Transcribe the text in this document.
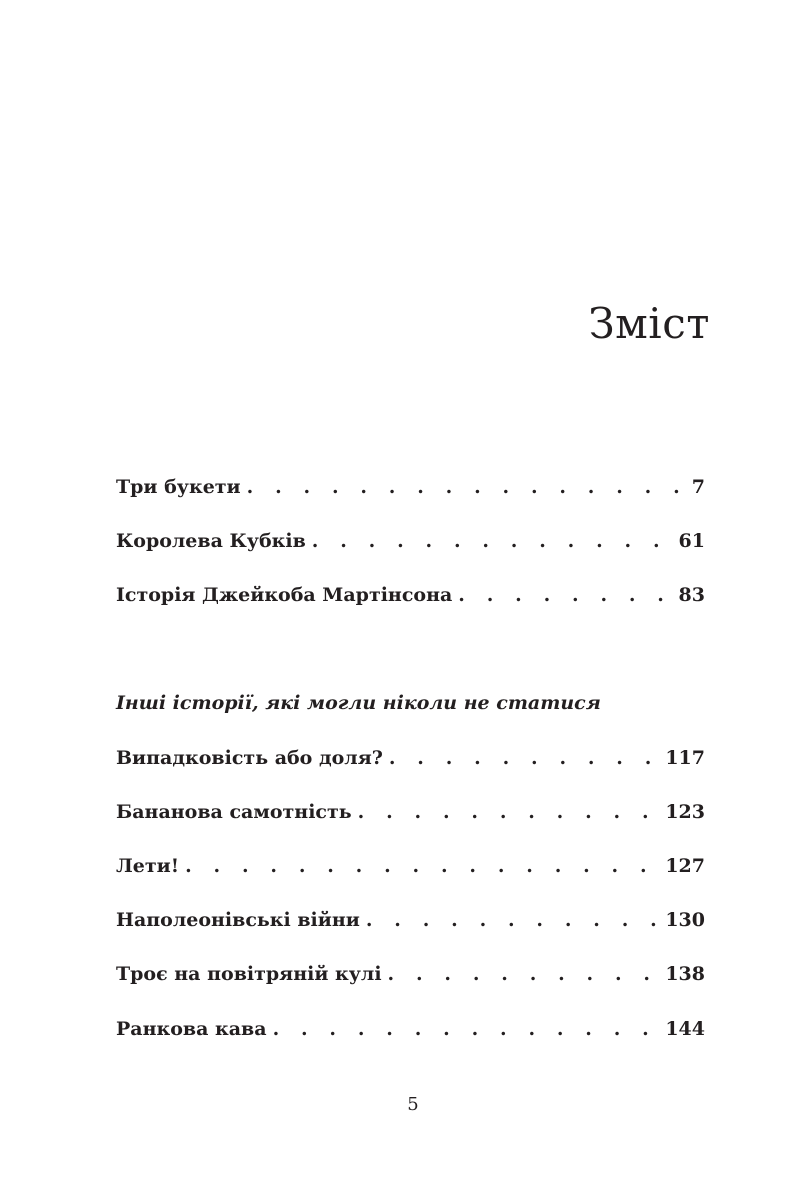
Зміст
Три букети . . .	7
Королева Кубків . . .	61
Історія Джейкоба Мартінсона . . .	83
Інші історії, які могли ніколи не статися
Випадковість або доля? . . .	117
Бананова самотність . . .	123
Лети! . . .	127
Наполеонівські війни . . .	130
Троє на повітряній кулі . . .	138
Ранкова кава . . .	144
5
